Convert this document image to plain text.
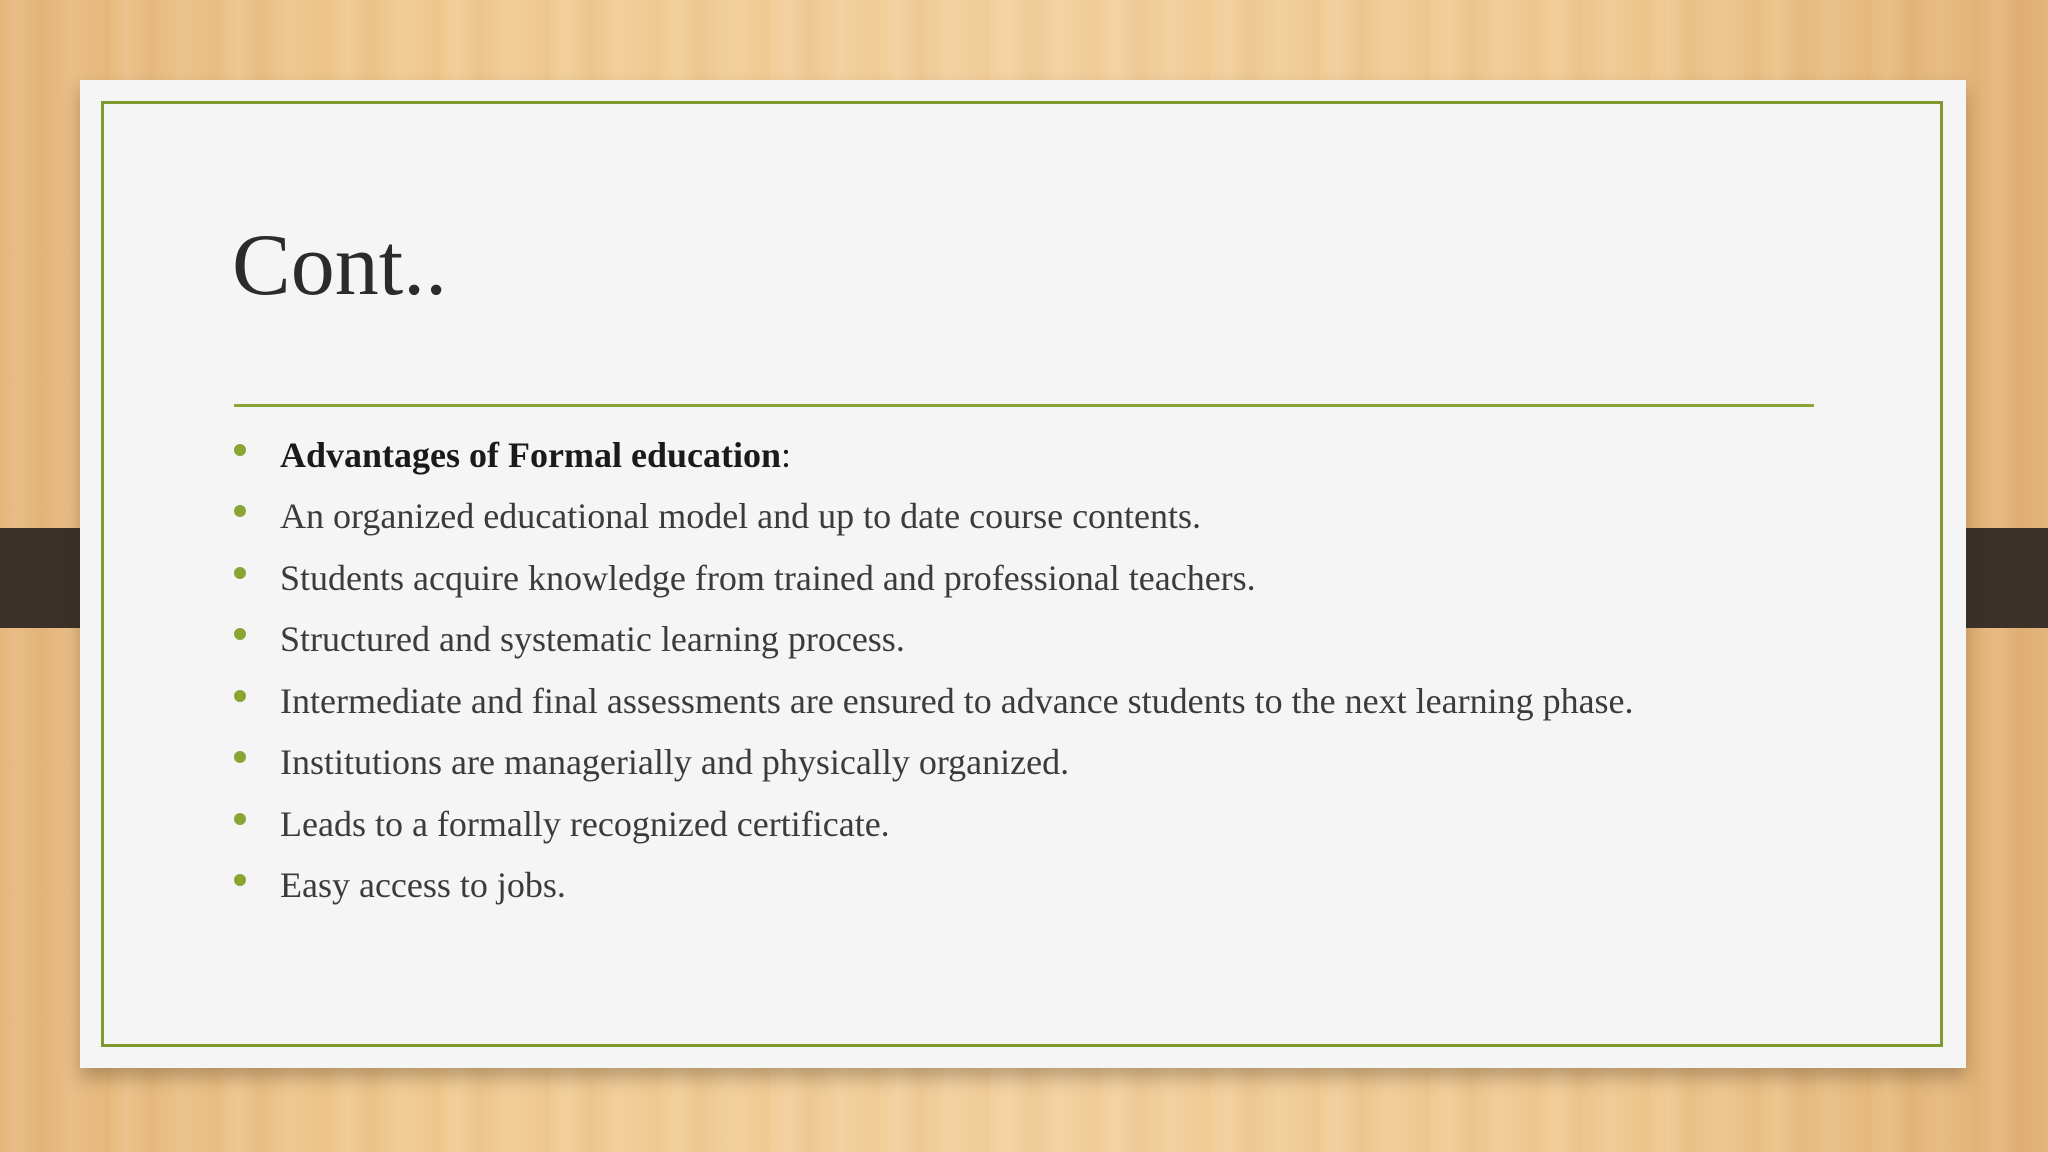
Cont..
Advantages of Formal education:
An organized educational model and up to date course contents.
Students acquire knowledge from trained and professional teachers.
Structured and systematic learning process.
Intermediate and final assessments are ensured to advance students to the next learning phase.
Institutions are managerially and physically organized.
Leads to a formally recognized certificate.
Easy access to jobs.
